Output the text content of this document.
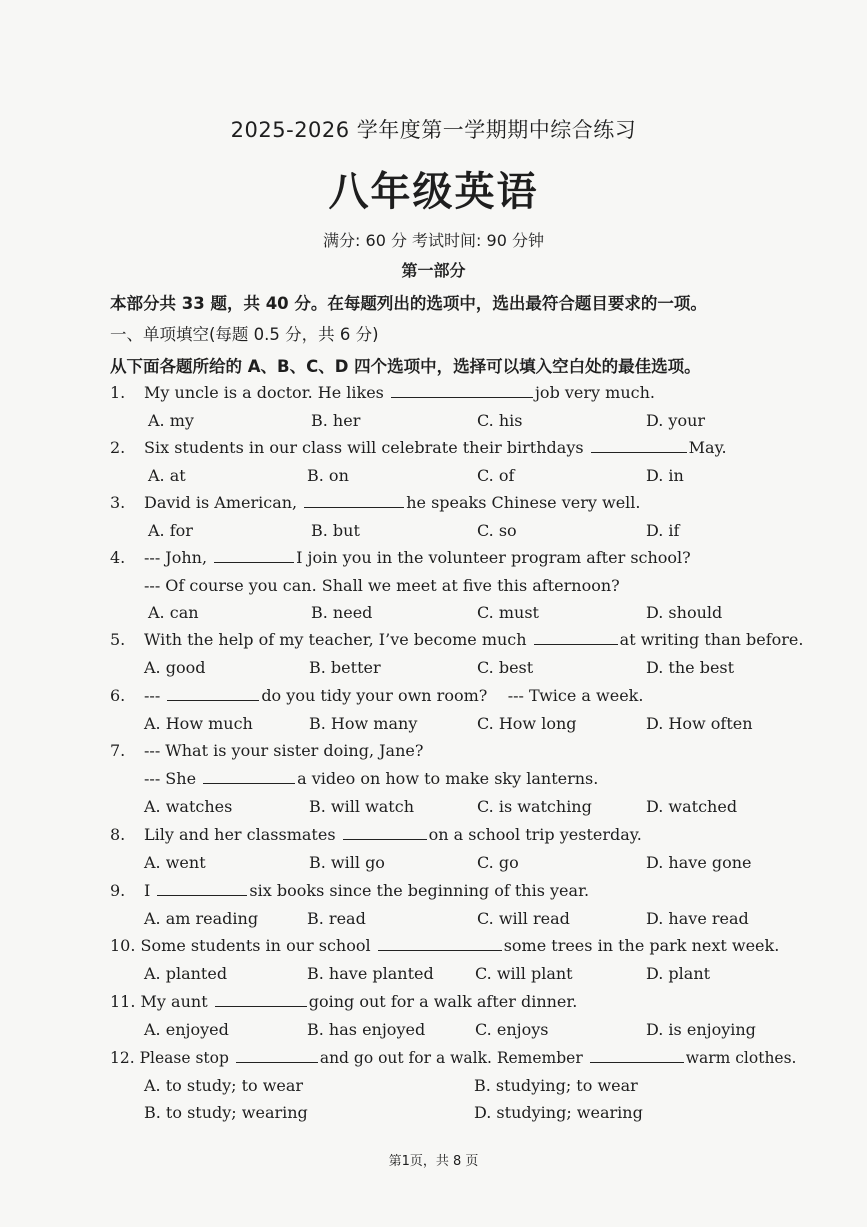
2025-2026 学年度第一学期期中综合练习
八年级英语
满分: 60 分 考试时间: 90 分钟
第一部分
本部分共 33 题，共 40 分。在每题列出的选项中，选出最符合题目要求的一项。
一、单项填空(每题 0.5 分，共 6 分)
从下面各题所给的 A、B、C、D 四个选项中，选择可以填入空白处的最佳选项。
1. My uncle is a doctor. He likes	job very much.
A. my	B. her	C. his	D. your
2. Six students in our class will celebrate their birthdays	May.
A. at	B. on	C. of	D. in
3. David is American,	he speaks Chinese very well.
A. for	B. but	C. so	D. if
4. --- John,	I join you in the volunteer program after school?
--- Of course you can. Shall we meet at five this afternoon?
A. can	B. need	C. must	D. should
5. With the help of my teacher, I’ve become much	at writing than before.
A. good	B. better	C. best	D. the best
6. ---	do you tidy your own room?    --- Twice a week.
A. How much	B. How many	C. How long	D. How often
7. --- What is your sister doing, Jane?
--- She	a video on how to make sky lanterns.
A. watches	B. will watch	C. is watching	D. watched
8. Lily and her classmates	on a school trip yesterday.
A. went	B. will go	C. go	D. have gone
9. I	six books since the beginning of this year.
A. am reading	B. read	C. will read	D. have read
10. Some students in our school	some trees in the park next week.
A. planted	B. have planted	C. will plant	D. plant
11. My aunt	going out for a walk after dinner.
A. enjoyed	B. has enjoyed	C. enjoys	D. is enjoying
12. Please stop	and go out for a walk. Remember	warm clothes.
A. to study; to wear	B. studying; to wear
B. to study; wearing	D. studying; wearing
第1页，共 8 页
